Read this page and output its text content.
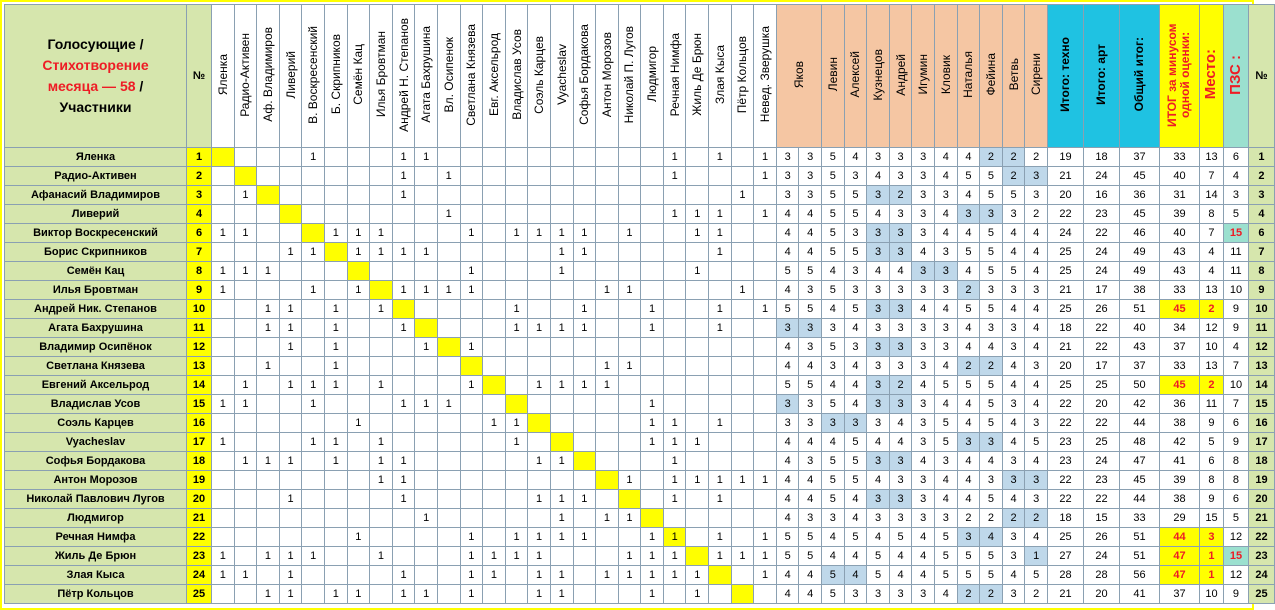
Голосующие /
Стихотворение
месяца — 58 /
Участники	№	Яленка	Радио-Активен	Аф. Владимиров	Ливерий	В. Воскресенский	Б. Скрипников	Семён Кац	Илья Бровтман	Андрей Н. Степанов	Агата Бахрушина	Вл. Осипенок	Светлана Князева	Евг. Аксельрод	Владислав Усов	Соэль Карцев	Vyacheslav	Софья Бордакова	Антон Морозов	Николай П. Лугов	Людмигор	Речная Нимфа	Жиль Де Брюн	Злая Кыса	Пётр Кольцов	Невед. Зверушка	Яков		Левин	Алексей	Кузнецов	Андрей	Игумин	Кловик	Наталья	Фейина	Ветвь	Сирени	Итого: техно	Итого: арт	Общий итог:	ИТОГ за минусом одной оценки:	Место:	ПЗС :	№
Яленка	1					1				1	1											1		1		1	3	3	5	4	3	3	3	4	4	2	2	2	19	18	37	33	13	6	1
Радио-Активен	2									1		1										1				1	3	3	5	3	4	3	3	4	5	5	2	3	21	24	45	40	7	4	2
Афанасий Владимиров	3		1							1															1		3	3	5	5	3	2	3	3	4	5	5	3	20	16	36	31	14	3	3
Ливерий	4											1										1	1	1		1	4	4	5	5	4	3	3	4	3	3	3	2	22	23	45	39	8	5	4
Виктор Воскресенский	6	1	1				1	1	1				1		1	1	1	1		1			1	1			4	4	5	3	3	3	3	4	4	5	4	4	24	22	46	40	7	15	6
Борис Скрипников	7				1	1		1	1	1	1						1	1						1			4	4	5	5	3	3	4	3	5	5	4	4	25	24	49	43	4	11	7
Семён Кац	8	1	1	1									1				1						1				5	5	4	3	4	4	3	3	4	5	5	4	25	24	49	43	4	11	8
Илья Бровтман	9	1				1		1		1	1	1	1						1	1					1		4	3	5	3	3	3	3	3	2	3	3	3	21	17	38	33	13	10	9
Андрей Ник. Степанов	10			1	1		1		1						1			1			1			1		1	5	5	4	5	3	3	4	4	5	5	4	4	25	26	51	45	2	9	10
Агата Бахрушина	11			1	1		1			1					1	1	1	1			1			1			3	3	3	4	3	3	3	3	4	3	3	4	18	22	40	34	12	9	11
Владимир Осипёнок	12				1		1				1		1														4	3	5	3	3	3	3	3	4	4	3	4	21	22	43	37	10	4	12
Светлана Князева	13			1			1												1	1							4	4	3	4	3	3	3	4	2	2	4	3	20	17	37	33	13	7	13
Евгений Аксельрод	14		1		1	1	1		1				1			1	1	1	1								5	5	4	4	3	2	4	5	5	5	4	4	25	25	50	45	2	10	14
Владислав Усов	15	1	1			1				1	1	1									1						3	3	5	4	3	3	3	4	4	5	3	4	22	20	42	36	11	7	15
Соэль Карцев	16							1						1	1						1	1		1			3	3	3	3	3	4	3	5	4	5	4	3	22	22	44	38	9	6	16
Vyacheslav	17	1				1	1		1						1						1	1	1				4	4	4	5	4	4	3	5	3	3	4	5	23	25	48	42	5	9	17
Софья Бордакова	18		1	1	1		1		1	1						1	1					1					4	3	5	5	3	3	4	3	4	4	3	4	23	24	47	41	6	8	18
Антон Морозов	19								1	1										1		1	1	1	1	1	4	4	5	5	4	3	3	4	4	3	3	3	22	23	45	39	8	8	19
Николай Павлович Лугов	20				1					1						1	1	1				1		1			4	4	5	4	3	3	3	4	4	5	4	3	22	22	44	38	9	6	20
Людмигор	21										1						1		1	1							4	3	3	4	3	3	3	3	2	2	2	2	18	15	33	29	15	5	21
Речная Нимфа	22							1					1		1	1	1	1			1	1		1		1	5	5	4	5	4	5	4	5	3	4	3	4	25	26	51	44	3	12	22
Жиль Де Брюн	23	1		1	1	1			1				1	1	1	1				1	1	1		1	1	1	5	5	4	4	5	4	4	5	5	5	3	1	27	24	51	47	1	15	23
Злая Кыса	24	1	1		1					1			1	1		1	1		1	1	1	1	1			1	4	4	5	4	5	4	4	5	5	5	4	5	28	28	56	47	1	12	24
Пётр Кольцов	25			1	1		1	1		1	1		1			1	1				1		1				4	4	5	3	3	3	3	4	2	2	3	2	21	20	41	37	10	9	25
